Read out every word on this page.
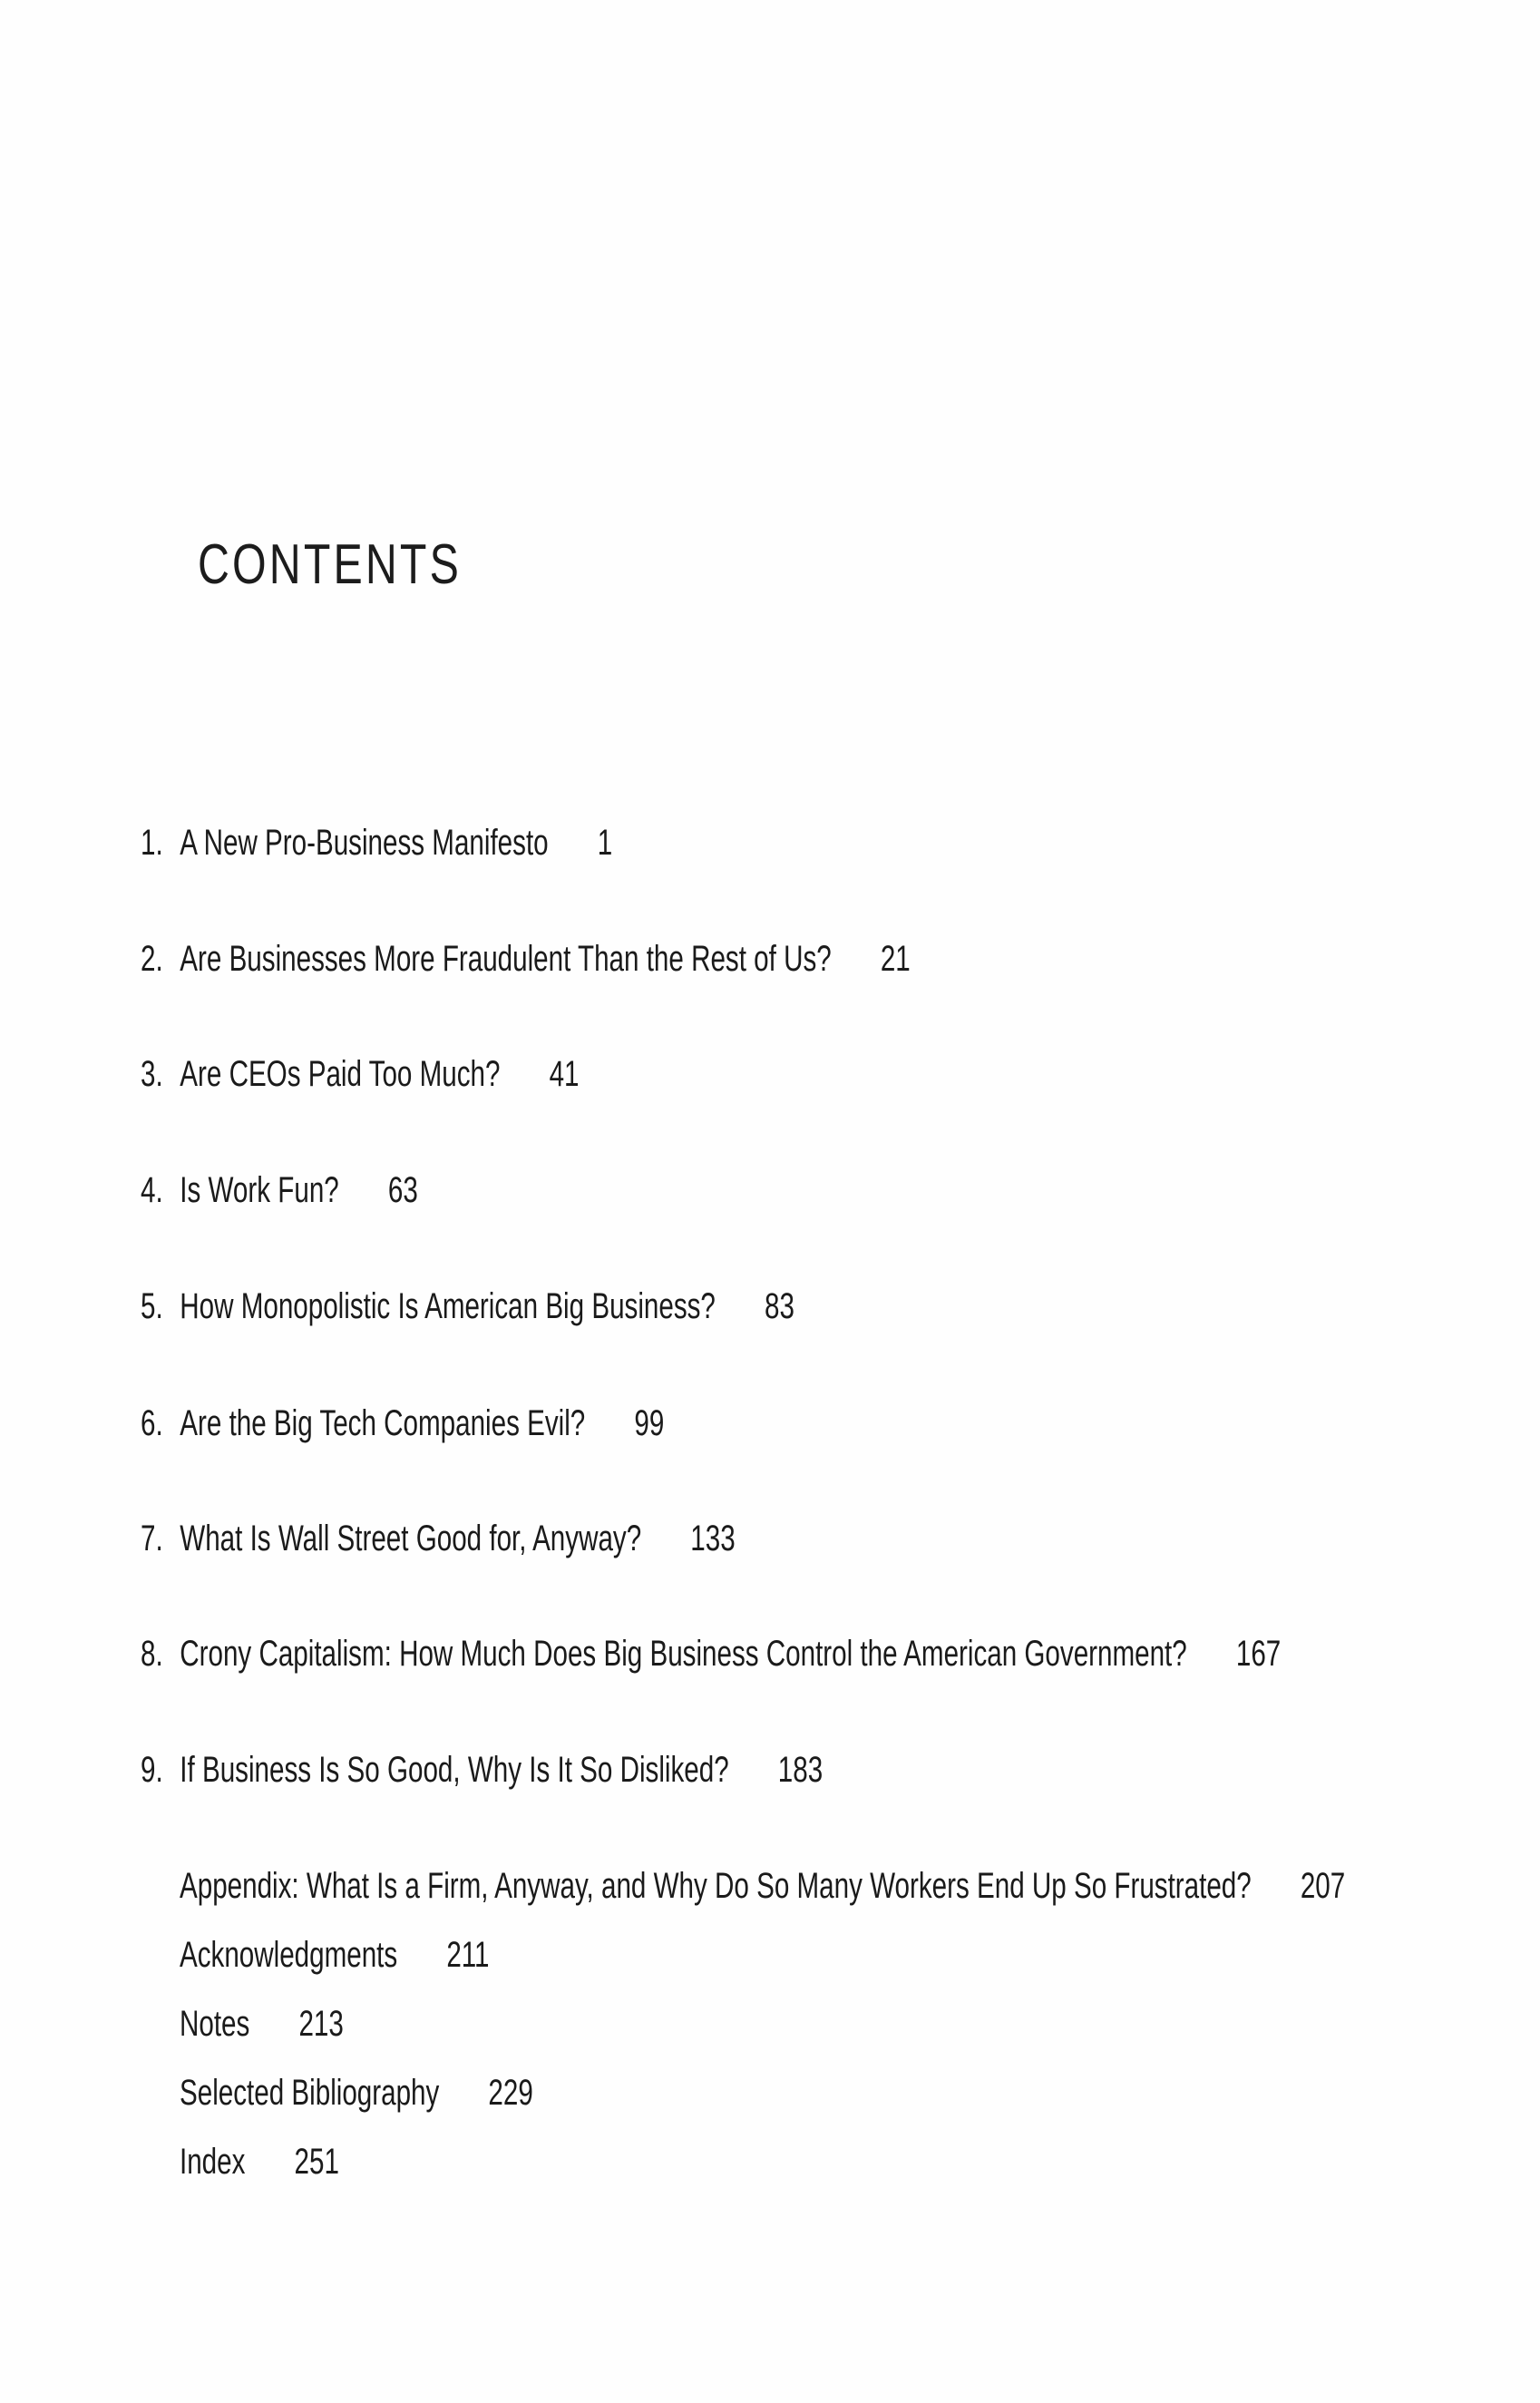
CONTENTS
1. A New Pro-Business Manifesto 1
2. Are Businesses More Fraudulent Than the Rest of Us? 21
3. Are CEOs Paid Too Much? 41
4. Is Work Fun? 63
5. How Monopolistic Is American Big Business? 83
6. Are the Big Tech Companies Evil? 99
7. What Is Wall Street Good for, Anyway? 133
8. Crony Capitalism: How Much Does Big Business Control the American Government? 167
9. If Business Is So Good, Why Is It So Disliked? 183
Appendix: What Is a Firm, Anyway, and Why Do So Many Workers End Up So Frustrated? 207
Acknowledgments 211
Notes 213
Selected Bibliography 229
Index 251
